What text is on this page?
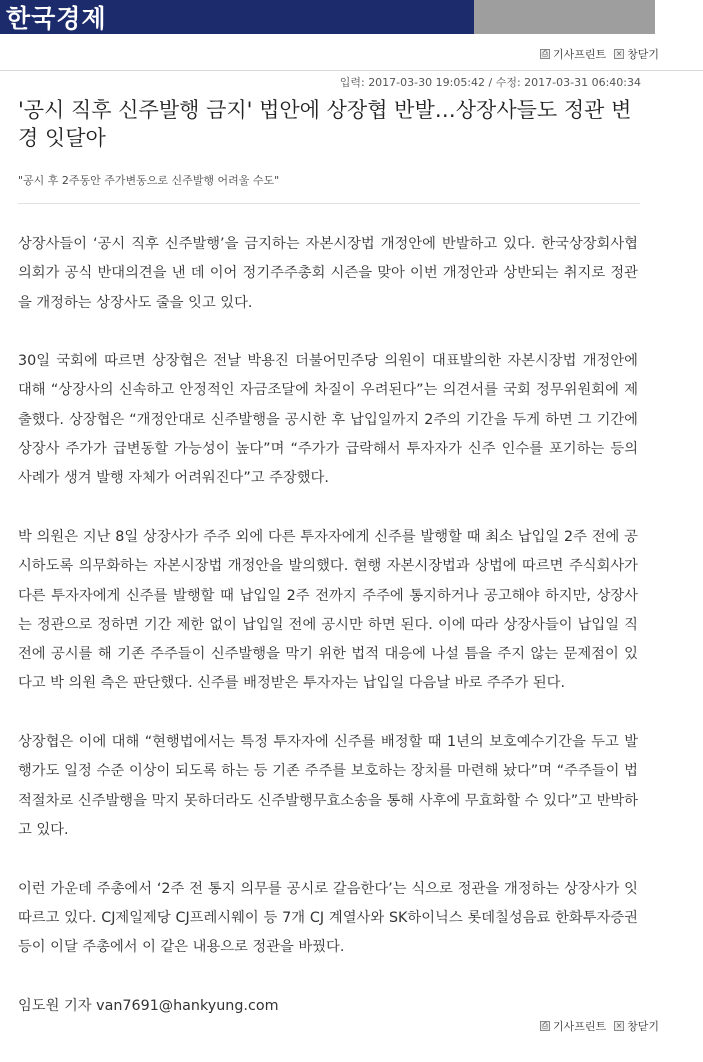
한국경제
⎙ 기사프린트 × 창닫기
입력: 2017-03-30 19:05:42 / 수정: 2017-03-31 06:40:34
'공시 직후 신주발행 금지' 법안에 상장협 반발…상장사들도 정관 변경 잇달아
"공시 후 2주동안 주가변동으로 신주발행 어려울 수도"

상장사들이 ‘공시 직후 신주발행’을 금지하는 자본시장법 개정안에 반발하고 있다. 한국상장회사협의회가 공식 반대의견을 낸 데 이어 정기주주총회 시즌을 맞아 이번 개정안과 상반되는 취지로 정관을 개정하는 상장사도 줄을 잇고 있다.

30일 국회에 따르면 상장협은 전날 박용진 더불어민주당 의원이 대표발의한 자본시장법 개정안에 대해 “상장사의 신속하고 안정적인 자금조달에 차질이 우려된다”는 의견서를 국회 정무위원회에 제출했다. 상장협은 “개정안대로 신주발행을 공시한 후 납입일까지 2주의 기간을 두게 하면 그 기간에 상장사 주가가 급변동할 가능성이 높다”며 “주가가 급락해서 투자자가 신주 인수를 포기하는 등의 사례가 생겨 발행 자체가 어려워진다”고 주장했다.

박 의원은 지난 8일 상장사가 주주 외에 다른 투자자에게 신주를 발행할 때 최소 납입일 2주 전에 공시하도록 의무화하는 자본시장법 개정안을 발의했다. 현행 자본시장법과 상법에 따르면 주식회사가 다른 투자자에게 신주를 발행할 때 납입일 2주 전까지 주주에 통지하거나 공고해야 하지만, 상장사는 정관으로 정하면 기간 제한 없이 납입일 전에 공시만 하면 된다. 이에 따라 상장사들이 납입일 직전에 공시를 해 기존 주주들이 신주발행을 막기 위한 법적 대응에 나설 틈을 주지 않는 문제점이 있다고 박 의원 측은 판단했다. 신주를 배정받은 투자자는 납입일 다음날 바로 주주가 된다.

상장협은 이에 대해 “현행법에서는 특정 투자자에 신주를 배정할 때 1년의 보호예수기간을 두고 발행가도 일정 수준 이상이 되도록 하는 등 기존 주주를 보호하는 장치를 마련해 놨다”며 “주주들이 법적절차로 신주발행을 막지 못하더라도 신주발행무효소송을 통해 사후에 무효화할 수 있다”고 반박하고 있다.

이런 가운데 주총에서 ‘2주 전 통지 의무를 공시로 갈음한다’는 식으로 정관을 개정하는 상장사가 잇따르고 있다. CJ제일제당 CJ프레시웨이 등 7개 CJ 계열사와 SK하이닉스 롯데칠성음료 한화투자증권 등이 이달 주총에서 이 같은 내용으로 정관을 바꿨다.

임도원 기자 van7691@hankyung.com

⎙ 기사프린트 × 창닫기
